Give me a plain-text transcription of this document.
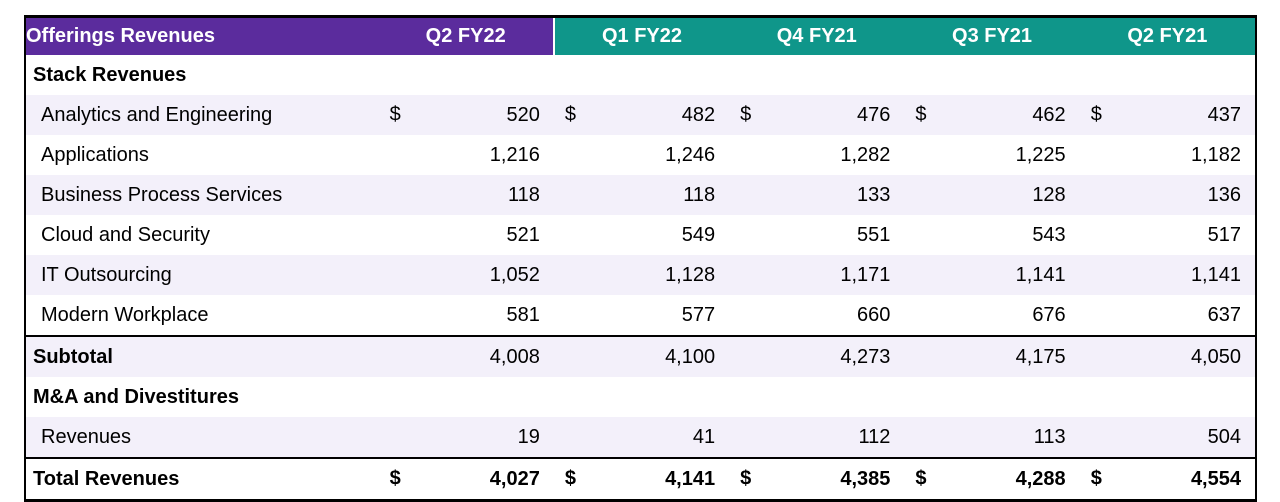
Offerings Revenues	Q2 FY22	Q1 FY22	Q4 FY21	Q3 FY21	Q2 FY21
Stack Revenues					
Analytics and Engineering	$ 520	$ 482	$ 476	$ 462	$ 437
Applications	1,216	1,246	1,282	1,225	1,182
Business Process Services	118	118	133	128	136
Cloud and Security	521	549	551	543	517
IT Outsourcing	1,052	1,128	1,171	1,141	1,141
Modern Workplace	581	577	660	676	637
Subtotal	4,008	4,100	4,273	4,175	4,050
M&A and Divestitures					
Revenues	19	41	112	113	504
Total Revenues	$ 4,027	$ 4,141	$ 4,385	$ 4,288	$ 4,554
